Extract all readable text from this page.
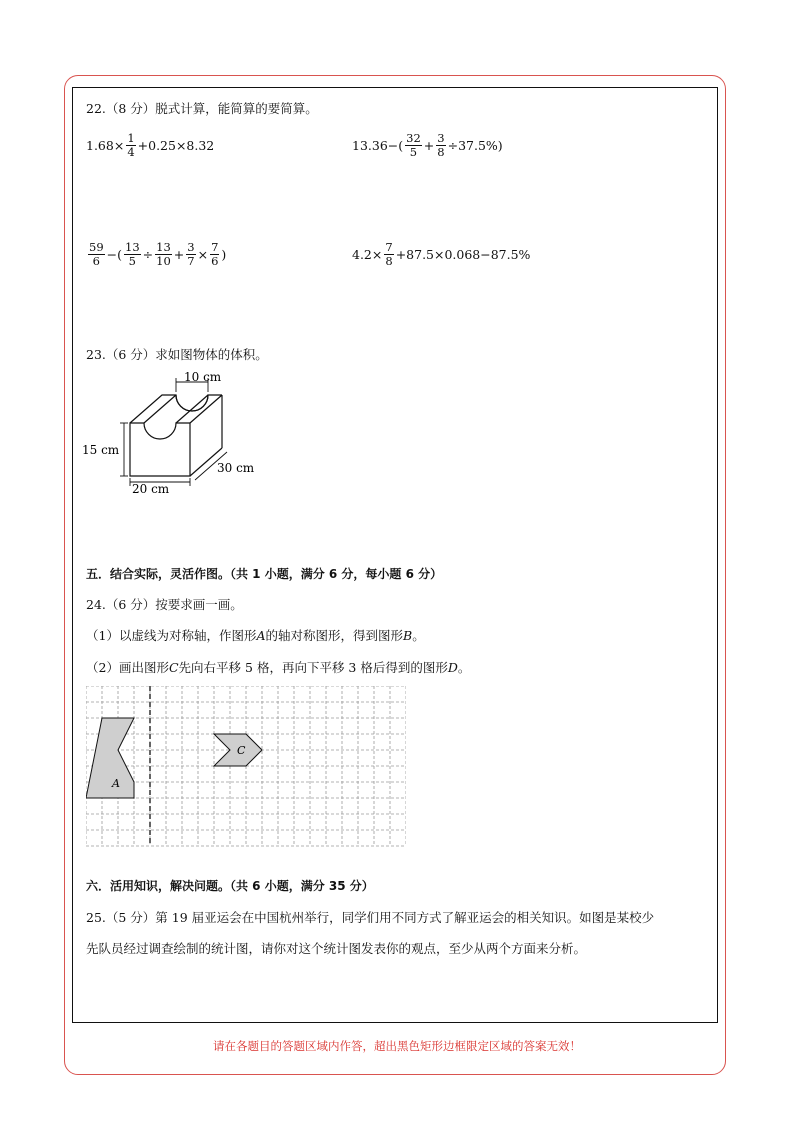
22.（8 分）脱式计算，能简算的要简算。
$1.68\times \frac{1}{4} +0.25\times 8.32$	$13.36-( \frac{32}{5} + \frac{3}{8} \div 37.5\%)$
$\frac{59}{6}$ −( $\frac{13}{5} \div \frac{13}{10} + \frac{3}{7} \times \frac{7}{6}$ )	$4.2\times \frac{7}{8} +87.5\times 0.068-87.5\%$
23.（6 分）求如图物体的体积。
10 cm
15 cm
20 cm
30 cm
五．结合实际，灵活作图。（共 1 小题，满分 6 分，每小题 6 分）
24.（6 分）按要求画一画。
（1）以虚线为对称轴，作图形A的轴对称图形，得到图形B。
（2）画出图形C先向右平移 5 格，再向下平移 3 格后得到的图形D。
A
C
六．活用知识，解决问题。（共 6 小题，满分 35 分）
25.（5 分）第 19 届亚运会在中国杭州举行，同学们用不同方式了解亚运会的相关知识。如图是某校少
先队员经过调查绘制的统计图，请你对这个统计图发表你的观点，至少从两个方面来分析。
请在各题目的答题区域内作答，超出黑色矩形边框限定区域的答案无效！
